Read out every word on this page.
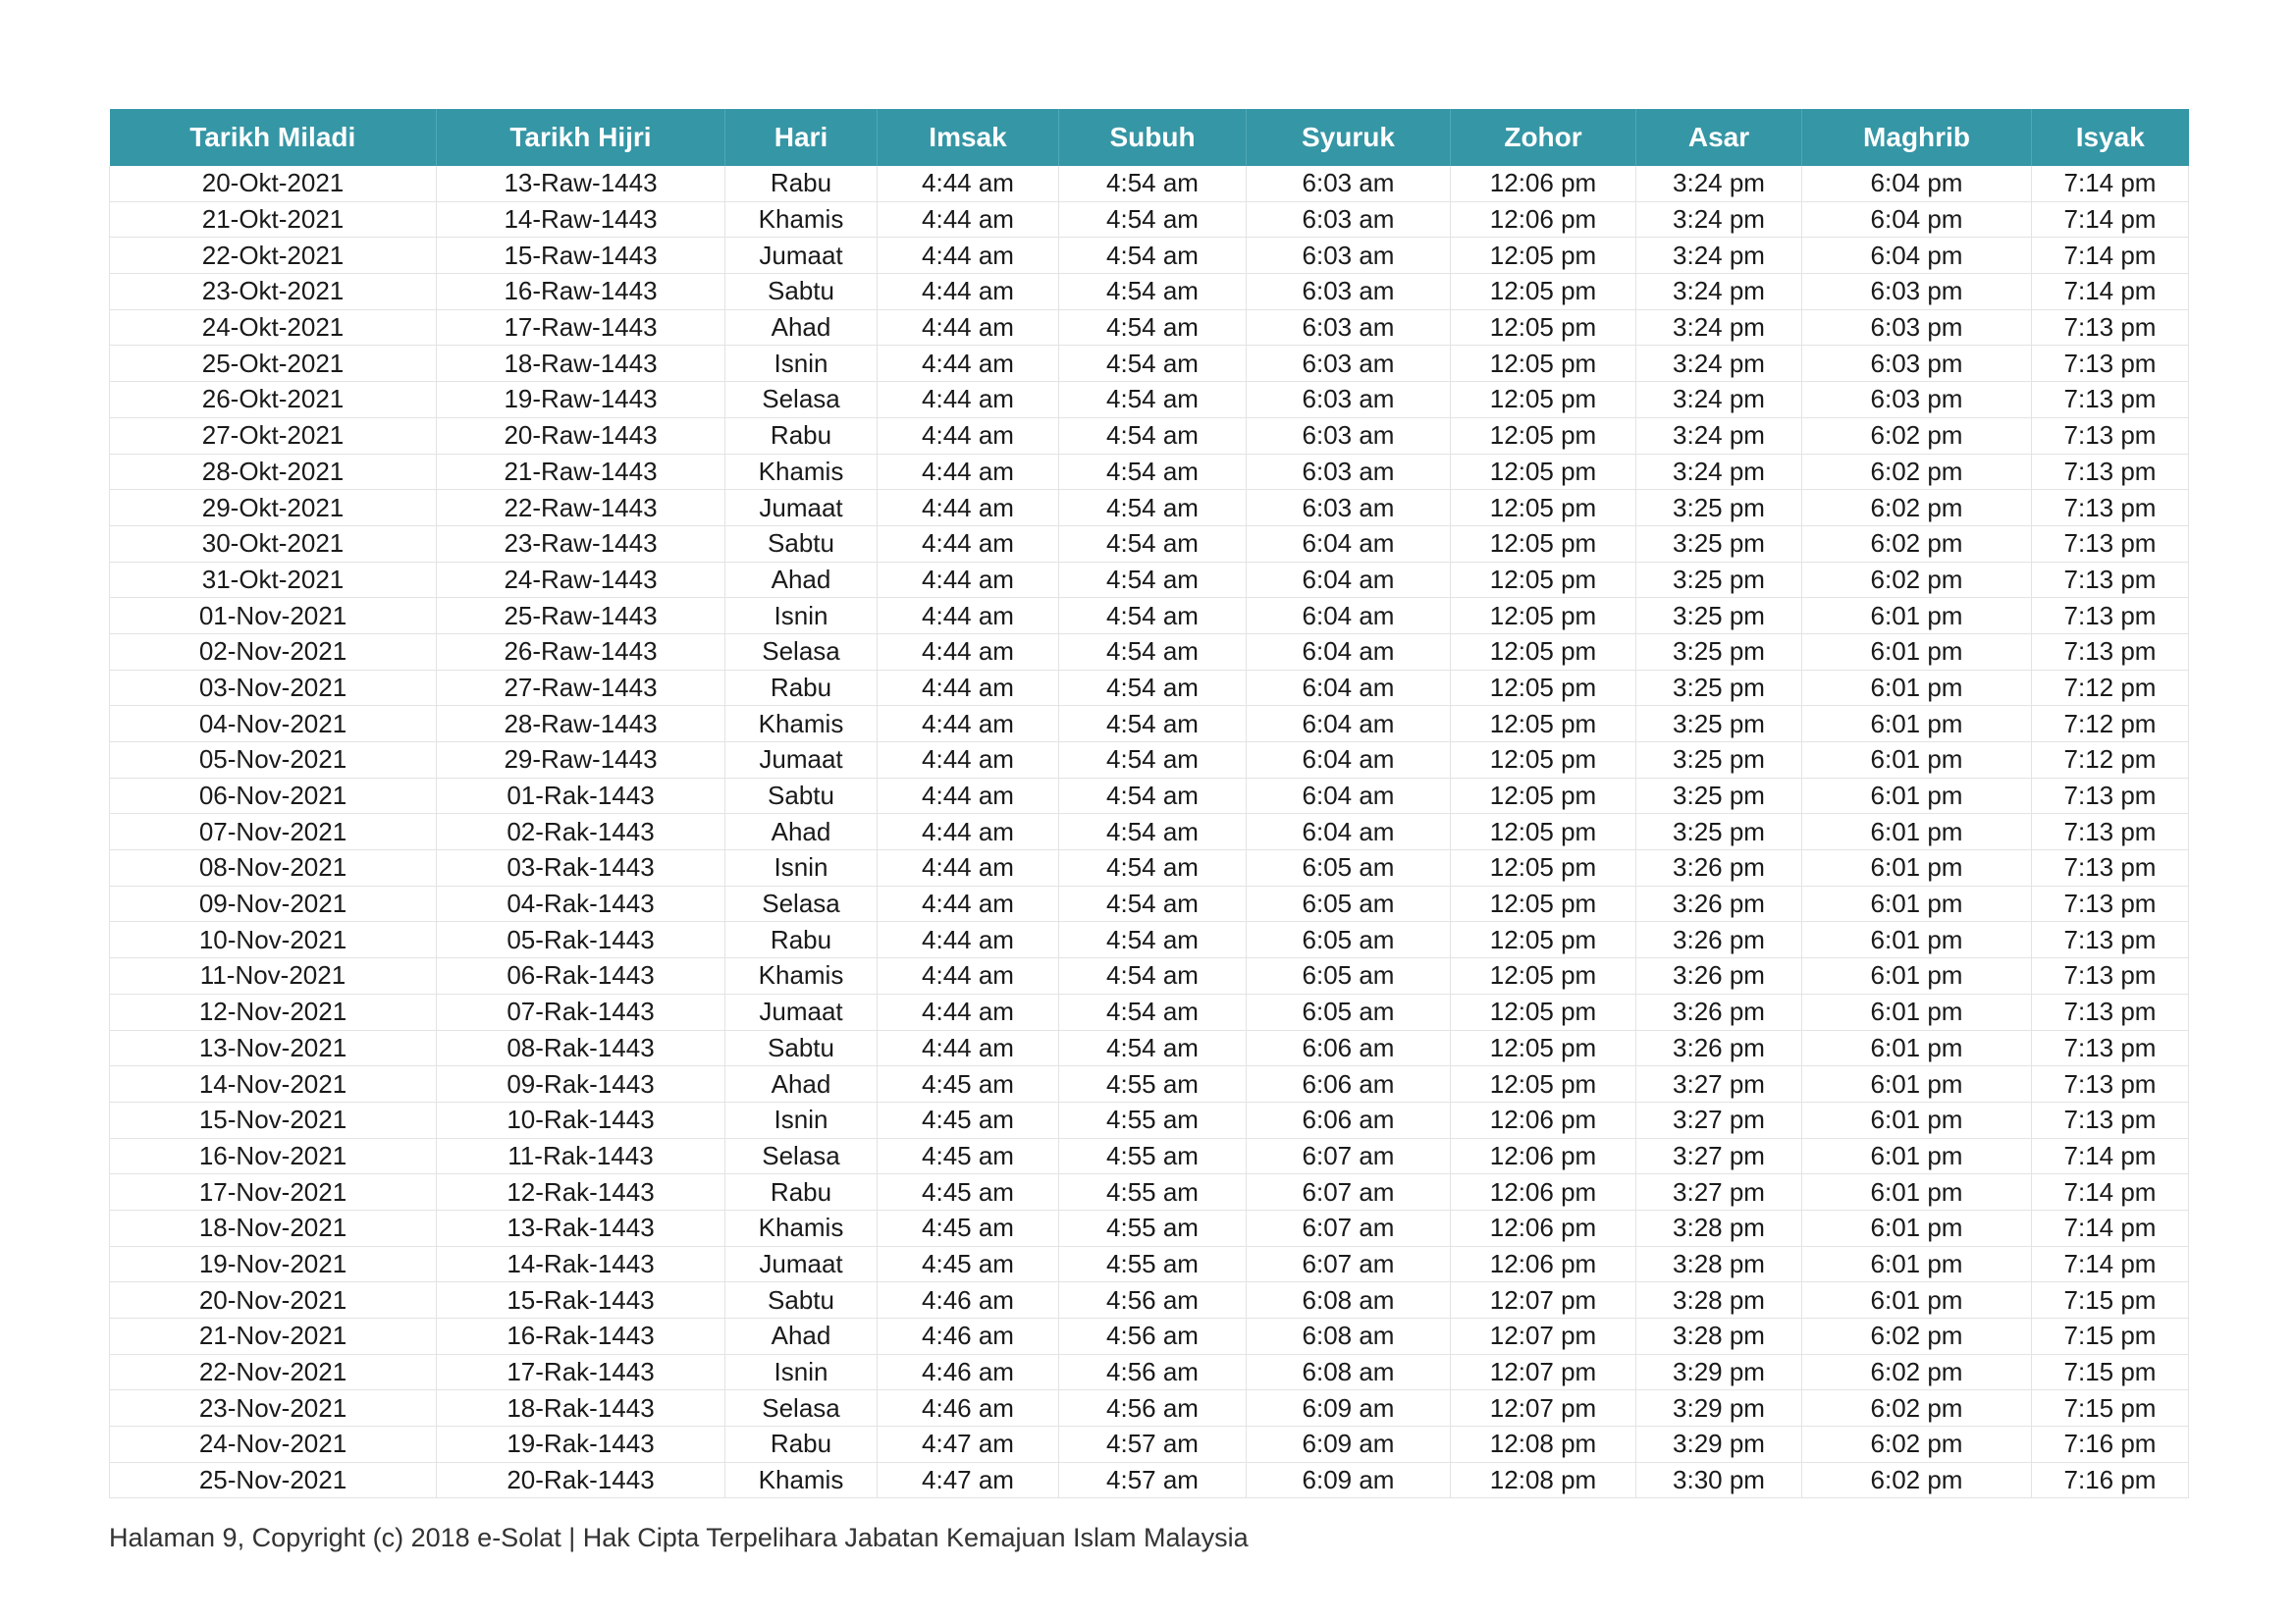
Tarikh Miladi	Tarikh Hijri	Hari	Imsak	Subuh	Syuruk	Zohor	Asar	Maghrib	Isyak
20-Okt-2021	13-Raw-1443	Rabu	4:44 am	4:54 am	6:03 am	12:06 pm	3:24 pm	6:04 pm	7:14 pm
21-Okt-2021	14-Raw-1443	Khamis	4:44 am	4:54 am	6:03 am	12:06 pm	3:24 pm	6:04 pm	7:14 pm
22-Okt-2021	15-Raw-1443	Jumaat	4:44 am	4:54 am	6:03 am	12:05 pm	3:24 pm	6:04 pm	7:14 pm
23-Okt-2021	16-Raw-1443	Sabtu	4:44 am	4:54 am	6:03 am	12:05 pm	3:24 pm	6:03 pm	7:14 pm
24-Okt-2021	17-Raw-1443	Ahad	4:44 am	4:54 am	6:03 am	12:05 pm	3:24 pm	6:03 pm	7:13 pm
25-Okt-2021	18-Raw-1443	Isnin	4:44 am	4:54 am	6:03 am	12:05 pm	3:24 pm	6:03 pm	7:13 pm
26-Okt-2021	19-Raw-1443	Selasa	4:44 am	4:54 am	6:03 am	12:05 pm	3:24 pm	6:03 pm	7:13 pm
27-Okt-2021	20-Raw-1443	Rabu	4:44 am	4:54 am	6:03 am	12:05 pm	3:24 pm	6:02 pm	7:13 pm
28-Okt-2021	21-Raw-1443	Khamis	4:44 am	4:54 am	6:03 am	12:05 pm	3:24 pm	6:02 pm	7:13 pm
29-Okt-2021	22-Raw-1443	Jumaat	4:44 am	4:54 am	6:03 am	12:05 pm	3:25 pm	6:02 pm	7:13 pm
30-Okt-2021	23-Raw-1443	Sabtu	4:44 am	4:54 am	6:04 am	12:05 pm	3:25 pm	6:02 pm	7:13 pm
31-Okt-2021	24-Raw-1443	Ahad	4:44 am	4:54 am	6:04 am	12:05 pm	3:25 pm	6:02 pm	7:13 pm
01-Nov-2021	25-Raw-1443	Isnin	4:44 am	4:54 am	6:04 am	12:05 pm	3:25 pm	6:01 pm	7:13 pm
02-Nov-2021	26-Raw-1443	Selasa	4:44 am	4:54 am	6:04 am	12:05 pm	3:25 pm	6:01 pm	7:13 pm
03-Nov-2021	27-Raw-1443	Rabu	4:44 am	4:54 am	6:04 am	12:05 pm	3:25 pm	6:01 pm	7:12 pm
04-Nov-2021	28-Raw-1443	Khamis	4:44 am	4:54 am	6:04 am	12:05 pm	3:25 pm	6:01 pm	7:12 pm
05-Nov-2021	29-Raw-1443	Jumaat	4:44 am	4:54 am	6:04 am	12:05 pm	3:25 pm	6:01 pm	7:12 pm
06-Nov-2021	01-Rak-1443	Sabtu	4:44 am	4:54 am	6:04 am	12:05 pm	3:25 pm	6:01 pm	7:13 pm
07-Nov-2021	02-Rak-1443	Ahad	4:44 am	4:54 am	6:04 am	12:05 pm	3:25 pm	6:01 pm	7:13 pm
08-Nov-2021	03-Rak-1443	Isnin	4:44 am	4:54 am	6:05 am	12:05 pm	3:26 pm	6:01 pm	7:13 pm
09-Nov-2021	04-Rak-1443	Selasa	4:44 am	4:54 am	6:05 am	12:05 pm	3:26 pm	6:01 pm	7:13 pm
10-Nov-2021	05-Rak-1443	Rabu	4:44 am	4:54 am	6:05 am	12:05 pm	3:26 pm	6:01 pm	7:13 pm
11-Nov-2021	06-Rak-1443	Khamis	4:44 am	4:54 am	6:05 am	12:05 pm	3:26 pm	6:01 pm	7:13 pm
12-Nov-2021	07-Rak-1443	Jumaat	4:44 am	4:54 am	6:05 am	12:05 pm	3:26 pm	6:01 pm	7:13 pm
13-Nov-2021	08-Rak-1443	Sabtu	4:44 am	4:54 am	6:06 am	12:05 pm	3:26 pm	6:01 pm	7:13 pm
14-Nov-2021	09-Rak-1443	Ahad	4:45 am	4:55 am	6:06 am	12:05 pm	3:27 pm	6:01 pm	7:13 pm
15-Nov-2021	10-Rak-1443	Isnin	4:45 am	4:55 am	6:06 am	12:06 pm	3:27 pm	6:01 pm	7:13 pm
16-Nov-2021	11-Rak-1443	Selasa	4:45 am	4:55 am	6:07 am	12:06 pm	3:27 pm	6:01 pm	7:14 pm
17-Nov-2021	12-Rak-1443	Rabu	4:45 am	4:55 am	6:07 am	12:06 pm	3:27 pm	6:01 pm	7:14 pm
18-Nov-2021	13-Rak-1443	Khamis	4:45 am	4:55 am	6:07 am	12:06 pm	3:28 pm	6:01 pm	7:14 pm
19-Nov-2021	14-Rak-1443	Jumaat	4:45 am	4:55 am	6:07 am	12:06 pm	3:28 pm	6:01 pm	7:14 pm
20-Nov-2021	15-Rak-1443	Sabtu	4:46 am	4:56 am	6:08 am	12:07 pm	3:28 pm	6:01 pm	7:15 pm
21-Nov-2021	16-Rak-1443	Ahad	4:46 am	4:56 am	6:08 am	12:07 pm	3:28 pm	6:02 pm	7:15 pm
22-Nov-2021	17-Rak-1443	Isnin	4:46 am	4:56 am	6:08 am	12:07 pm	3:29 pm	6:02 pm	7:15 pm
23-Nov-2021	18-Rak-1443	Selasa	4:46 am	4:56 am	6:09 am	12:07 pm	3:29 pm	6:02 pm	7:15 pm
24-Nov-2021	19-Rak-1443	Rabu	4:47 am	4:57 am	6:09 am	12:08 pm	3:29 pm	6:02 pm	7:16 pm
25-Nov-2021	20-Rak-1443	Khamis	4:47 am	4:57 am	6:09 am	12:08 pm	3:30 pm	6:02 pm	7:16 pm
Halaman 9, Copyright (c) 2018 e-Solat | Hak Cipta Terpelihara Jabatan Kemajuan Islam Malaysia
